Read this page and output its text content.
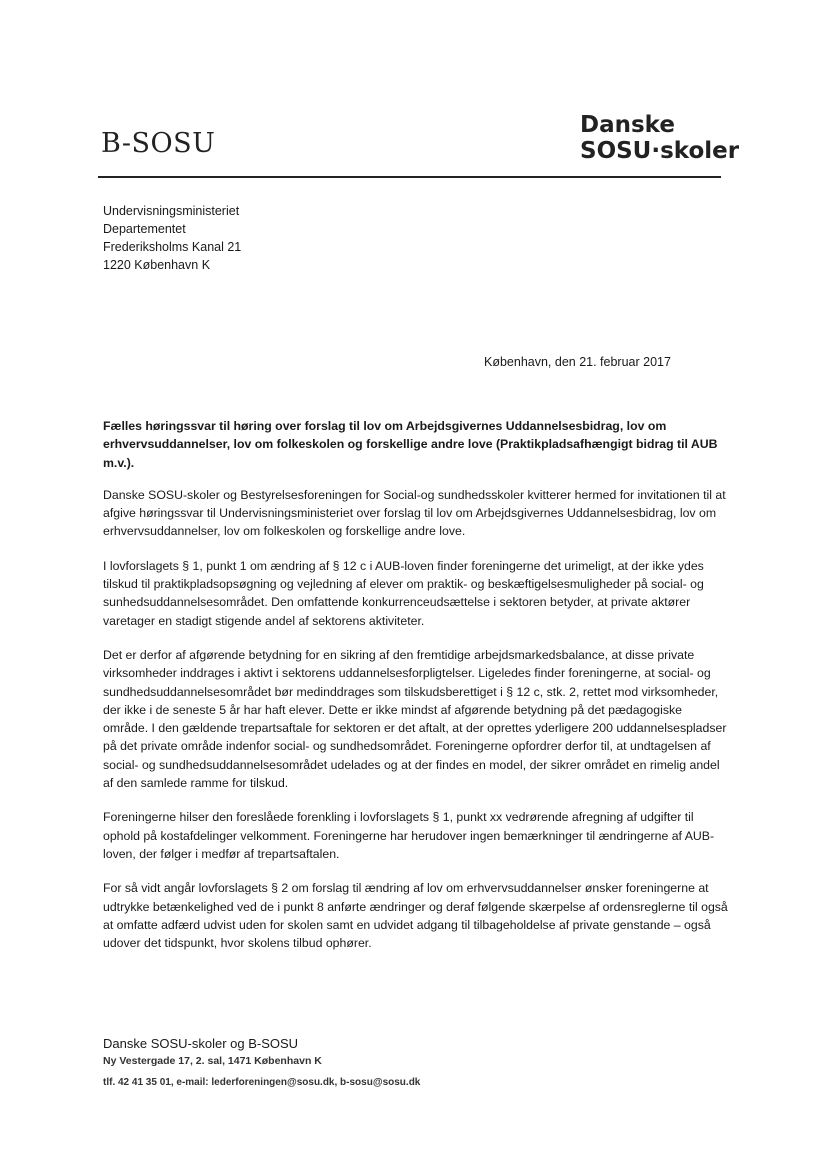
B-SOSU
Danske
SOSU·skoler
Undervisningsministeriet
Departementet
Frederiksholms Kanal 21
1220 København K
København, den 21. februar 2017

Fælles høringssvar til høring over forslag til lov om Arbejdsgivernes Uddannelsesbidrag, lov om erhvervsuddannelser, lov om folkeskolen og forskellige andre love (Praktikpladsafhængigt bidrag til AUB m.v.).

Danske SOSU-skoler og Bestyrelsesforeningen for Social-og sundhedsskoler kvitterer hermed for invitationen til at afgive høringssvar til Undervisningsministeriet over forslag til lov om Arbejdsgivernes Uddannelsesbidrag, lov om erhvervsuddannelser, lov om folkeskolen og forskellige andre love.

I lovforslagets § 1, punkt 1 om ændring af § 12 c i AUB-loven finder foreningerne det urimeligt, at der ikke ydes tilskud til praktikpladsopsøgning og vejledning af elever om praktik- og beskæftigelsesmuligheder på social- og sunhedsuddannelsesområdet. Den omfattende konkurrenceudsættelse i sektoren betyder, at private aktører varetager en stadigt stigende andel af sektorens aktiviteter.

Det er derfor af afgørende betydning for en sikring af den fremtidige arbejdsmarkedsbalance, at disse private virksomheder inddrages i aktivt i sektorens uddannelsesforpligtelser. Ligeledes finder foreningerne, at social- og sundhedsuddannelsesområdet bør medinddrages som tilskudsberettiget i § 12 c, stk. 2, rettet mod virksomheder, der ikke i de seneste 5 år har haft elever. Dette er ikke mindst af afgørende betydning på det pædagogiske område. I den gældende trepartsaftale for sektoren er det aftalt, at der oprettes yderligere 200 uddannelsespladser på det private område indenfor social- og sundhedsområdet. Foreningerne opfordrer derfor til, at undtagelsen af social- og sundhedsuddannelsesområdet udelades og at der findes en model, der sikrer området en rimelig andel af den samlede ramme for tilskud.

Foreningerne hilser den foreslåede forenkling i lovforslagets § 1, punkt xx vedrørende afregning af udgifter til ophold på kostafdelinger velkomment. Foreningerne har herudover ingen bemærkninger til ændringerne af AUB-loven, der følger i medfør af trepartsaftalen.

For så vidt angår lovforslagets § 2 om forslag til ændring af lov om erhvervsuddannelser ønsker foreningerne at udtrykke betænkelighed ved de i punkt 8 anførte ændringer og deraf følgende skærpelse af ordensreglerne til også at omfatte adfærd udvist uden for skolen samt en udvidet adgang til tilbageholdelse af private genstande – også udover det tidspunkt, hvor skolens tilbud ophører.

Danske SOSU-skoler og B-SOSU
Ny Vestergade 17, 2. sal, 1471 København K
tlf. 42 41 35 01, e-mail: lederforeningen@sosu.dk, b-sosu@sosu.dk
